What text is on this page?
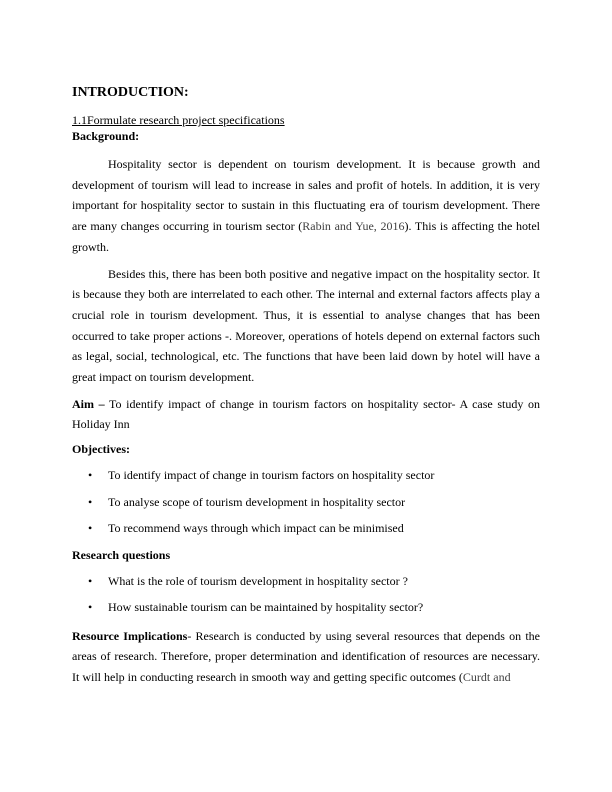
INTRODUCTION:

1.1Formulate research project specifications

Background:

Hospitality sector is dependent on tourism development. It is because growth and development of tourism will lead to increase in sales and profit of hotels. In addition, it is very important for hospitality sector to sustain in this fluctuating era of tourism development. There are many changes occurring in tourism sector (Rabin and Yue, 2016). This is affecting the hotel growth.

Besides this, there has been both positive and negative impact on the hospitality sector. It is because they both are interrelated to each other. The internal and external factors affects play a crucial role in tourism development. Thus, it is essential to analyse changes that has been occurred to take proper actions -. Moreover, operations of hotels depend on external factors such as legal, social, technological, etc. The functions that have been laid down by hotel will have a great impact on tourism development.

Aim – To identify impact of change in tourism factors on hospitality sector- A case study on Holiday Inn

Objectives:
• To identify impact of change in tourism factors on hospitality sector
• To analyse scope of tourism development in hospitality sector
• To recommend ways through which impact can be minimised
Research questions
• What is the role of tourism development in hospitality sector ?
• How sustainable tourism can be maintained by hospitality sector?

Resource Implications- Research is conducted by using several resources that depends on the areas of research. Therefore, proper determination and identification of resources are necessary. It will help in conducting research in smooth way and getting specific outcomes (Curdt and
